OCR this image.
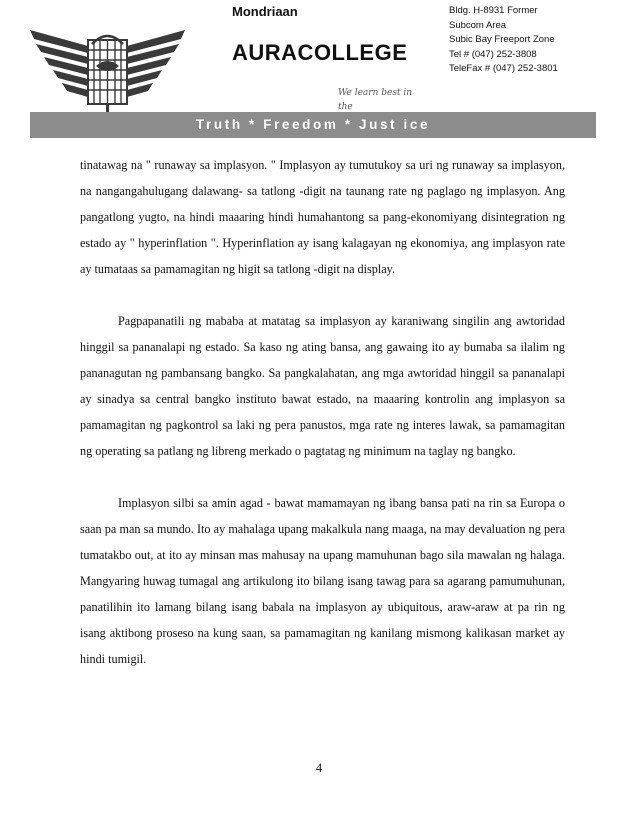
Mondriaan
AURACOLLEGE
We learn best in the
Bldg. H-8931 Former
Subcom Area
Subic Bay Freeport Zone
Tel # (047) 252-3808
TeleFax # (047) 252-3801
Truth * Freedom * Just ice

tinatawag na " runaway sa implasyon. " Implasyon ay tumutukoy sa uri ng runaway sa implasyon, na nangangahulugang dalawang- sa tatlong -digit na taunang rate ng paglago ng implasyon. Ang pangatlong yugto, na hindi maaaring hindi humahantong sa pang-ekonomiyang disintegration ng estado ay " hyperinflation ". Hyperinflation ay isang kalagayan ng ekonomiya, ang implasyon rate ay tumataas sa pamamagitan ng higit sa tatlong -digit na display.

Pagpapanatili ng mababa at matatag sa implasyon ay karaniwang singilin ang awtoridad hinggil sa pananalapi ng estado. Sa kaso ng ating bansa, ang gawaing ito ay bumaba sa ilalim ng pananagutan ng pambansang bangko. Sa pangkalahatan, ang mga awtoridad hinggil sa pananalapi ay sinadya sa central bangko instituto bawat estado, na maaaring kontrolin ang implasyon sa pamamagitan ng pagkontrol sa laki ng pera panustos, mga rate ng interes lawak, sa pamamagitan ng operating sa patlang ng libreng merkado o pagtatag ng minimum na taglay ng bangko.

Implasyon silbi sa amin agad - bawat mamamayan ng ibang bansa pati na rin sa Europa o saan pa man sa mundo. Ito ay mahalaga upang makalkula nang maaga, na may devaluation ng pera tumatakbo out, at ito ay minsan mas mahusay na upang mamuhunan bago sila mawalan ng halaga. Mangyaring huwag tumagal ang artikulong ito bilang isang tawag para sa agarang pamumuhunan, panatilihin ito lamang bilang isang babala na implasyon ay ubiquitous, araw-araw at pa rin ng isang aktibong proseso na kung saan, sa pamamagitan ng kanilang mismong kalikasan market ay hindi tumigil.

4
